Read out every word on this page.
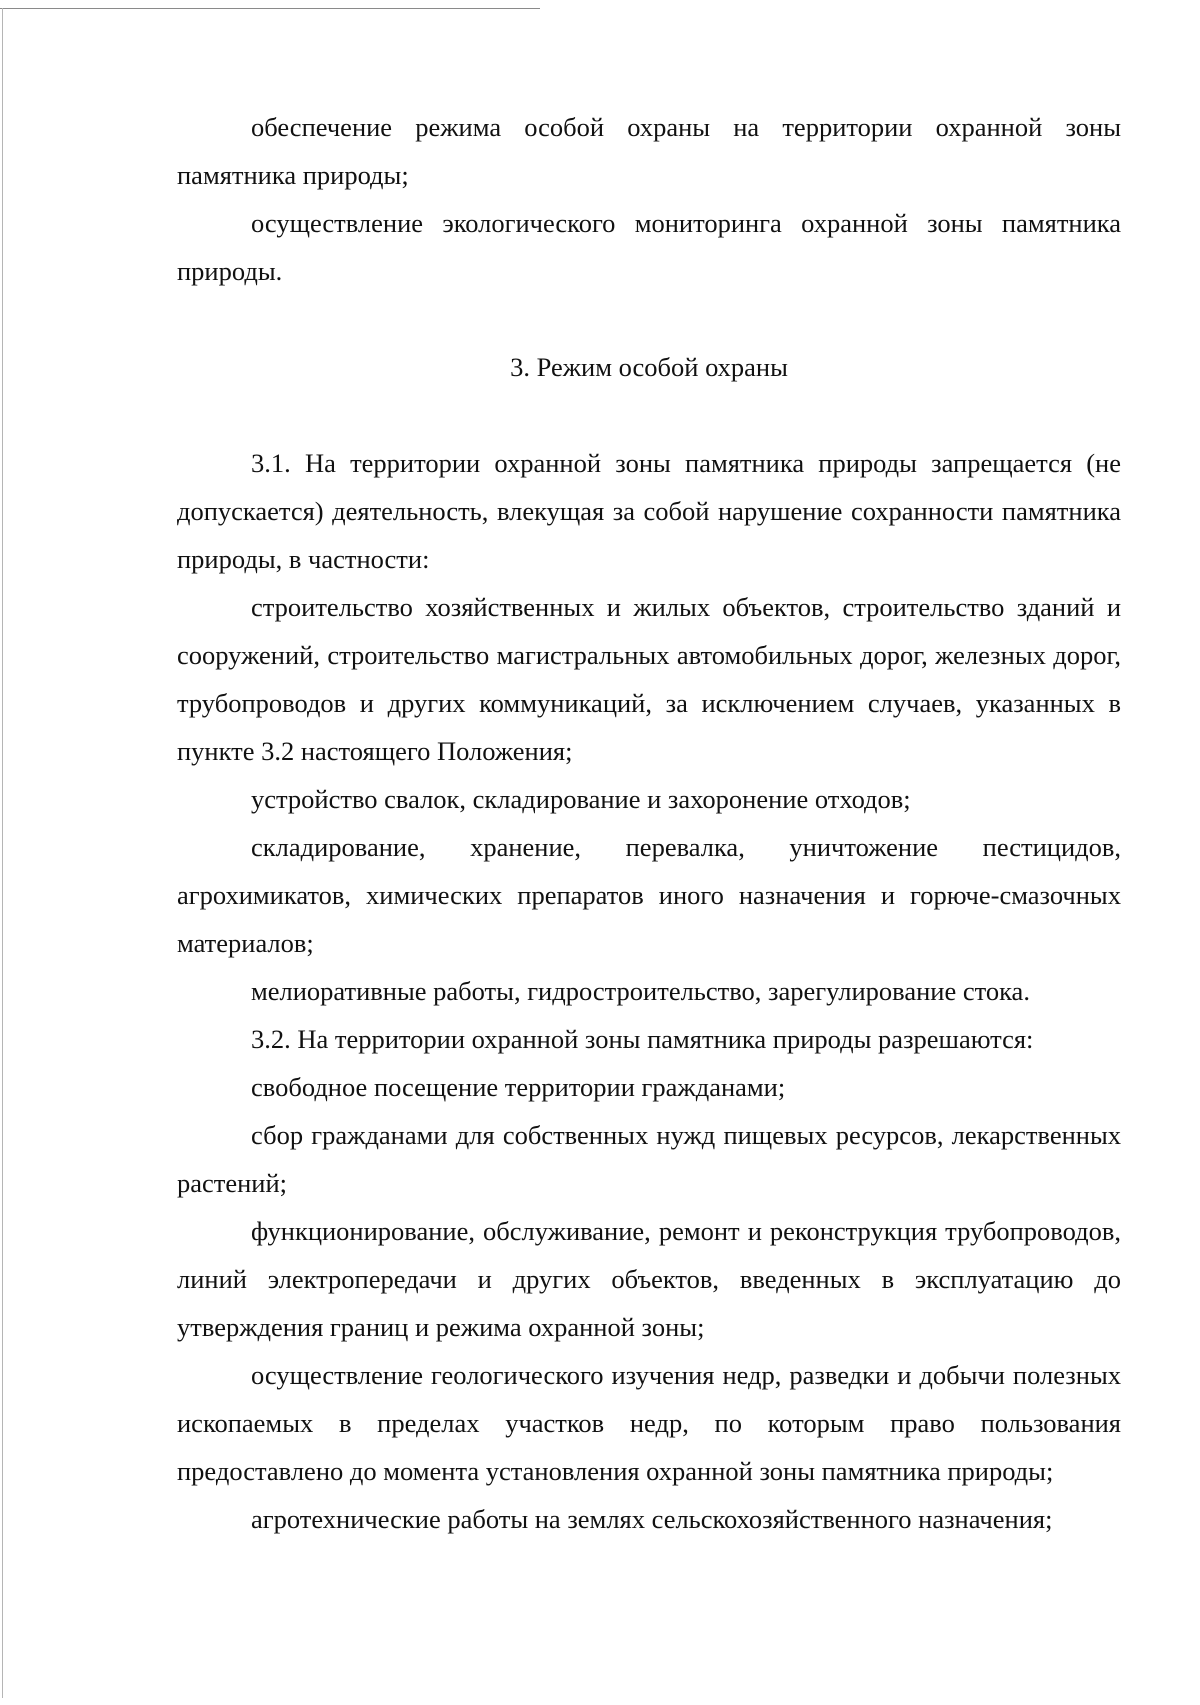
обеспечение режима особой охраны на территории охранной зоны памятника природы;

осуществление экологического мониторинга охранной зоны памятника природы.

3. Режим особой охраны

3.1. На территории охранной зоны памятника природы запрещается (не допускается) деятельность, влекущая за собой нарушение сохранности памятника природы, в частности:

строительство хозяйственных и жилых объектов, строительство зданий и сооружений, строительство магистральных автомобильных дорог, железных дорог, трубопроводов и других коммуникаций, за исключением случаев, указанных в пункте 3.2 настоящего Положения;

устройство свалок, складирование и захоронение отходов;

складирование, хранение, перевалка, уничтожение пестицидов, агрохимикатов, химических препаратов иного назначения и горюче-смазочных материалов;

мелиоративные работы, гидростроительство, зарегулирование стока.

3.2. На территории охранной зоны памятника природы разрешаются:

свободное посещение территории гражданами;

сбор гражданами для собственных нужд пищевых ресурсов, лекарственных растений;

функционирование, обслуживание, ремонт и реконструкция трубопроводов, линий электропередачи и других объектов, введенных в эксплуатацию до утверждения границ и режима охранной зоны;

осуществление геологического изучения недр, разведки и добычи полезных ископаемых в пределах участков недр, по которым право пользования предоставлено до момента установления охранной зоны памятника природы;

агротехнические работы на землях сельскохозяйственного назначения;
